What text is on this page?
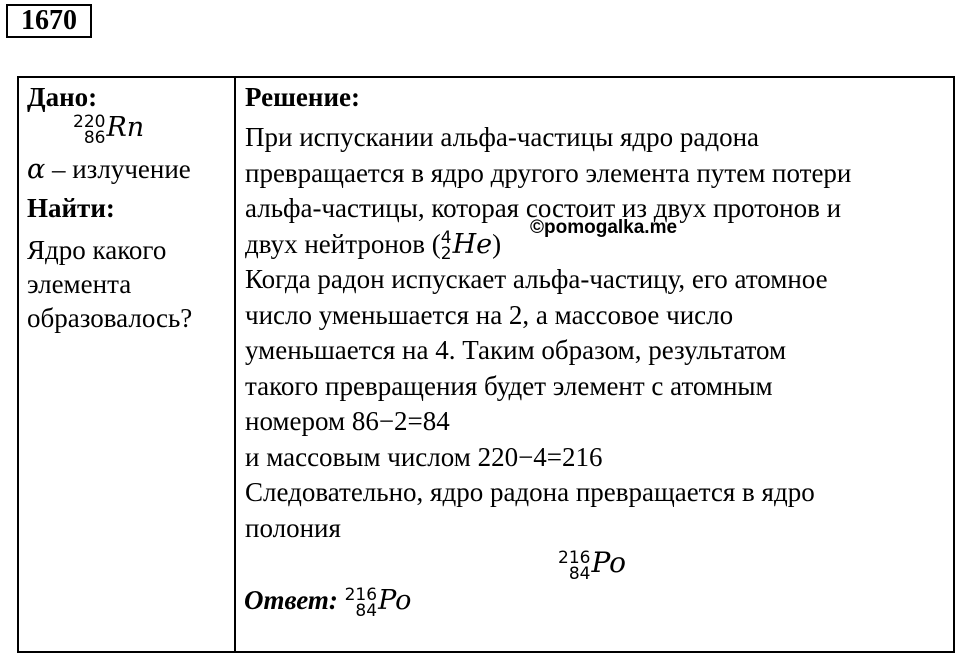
1670
Дано:
220
86 Rn
α – излучение
Найти:
Ядро какого
элемента
образовалось?
Решение:
При испускании альфа-частицы ядро радона
превращается в ядро другого элемента путем потери
альфа-частицы, которая состоит из двух протонов и
двух нейтронов ( 4
2 He)
Когда радон испускает альфа-частицу, его атомное
число уменьшается на 2, а массовое число
уменьшается на 4. Таким образом, результатом
такого превращения будет элемент с атомным
номером 86−2=84
и массовым числом 220−4=216
Следовательно, ядро радона превращается в ядро
полония
©pomogalka.me
216
84 Po
Ответ: 216
84 Po
